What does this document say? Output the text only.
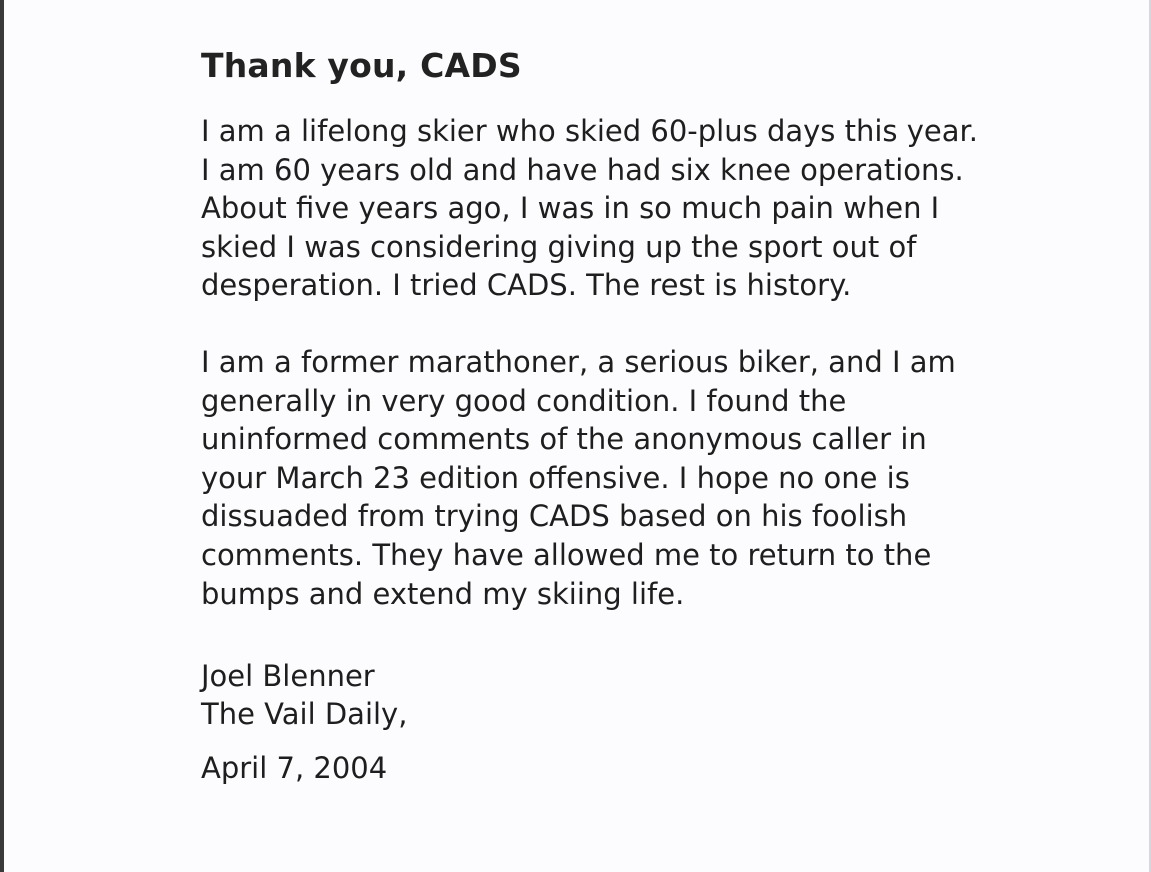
Thank you, CADS

I am a lifelong skier who skied 60-plus days this year.
I am 60 years old and have had six knee operations.
About five years ago, I was in so much pain when I
skied I was considering giving up the sport out of
desperation. I tried CADS. The rest is history.

I am a former marathoner, a serious biker, and I am
generally in very good condition. I found the
uninformed comments of the anonymous caller in
your March 23 edition offensive. I hope no one is
dissuaded from trying CADS based on his foolish
comments. They have allowed me to return to the
bumps and extend my skiing life.

Joel Blenner
The Vail Daily,
April 7, 2004
